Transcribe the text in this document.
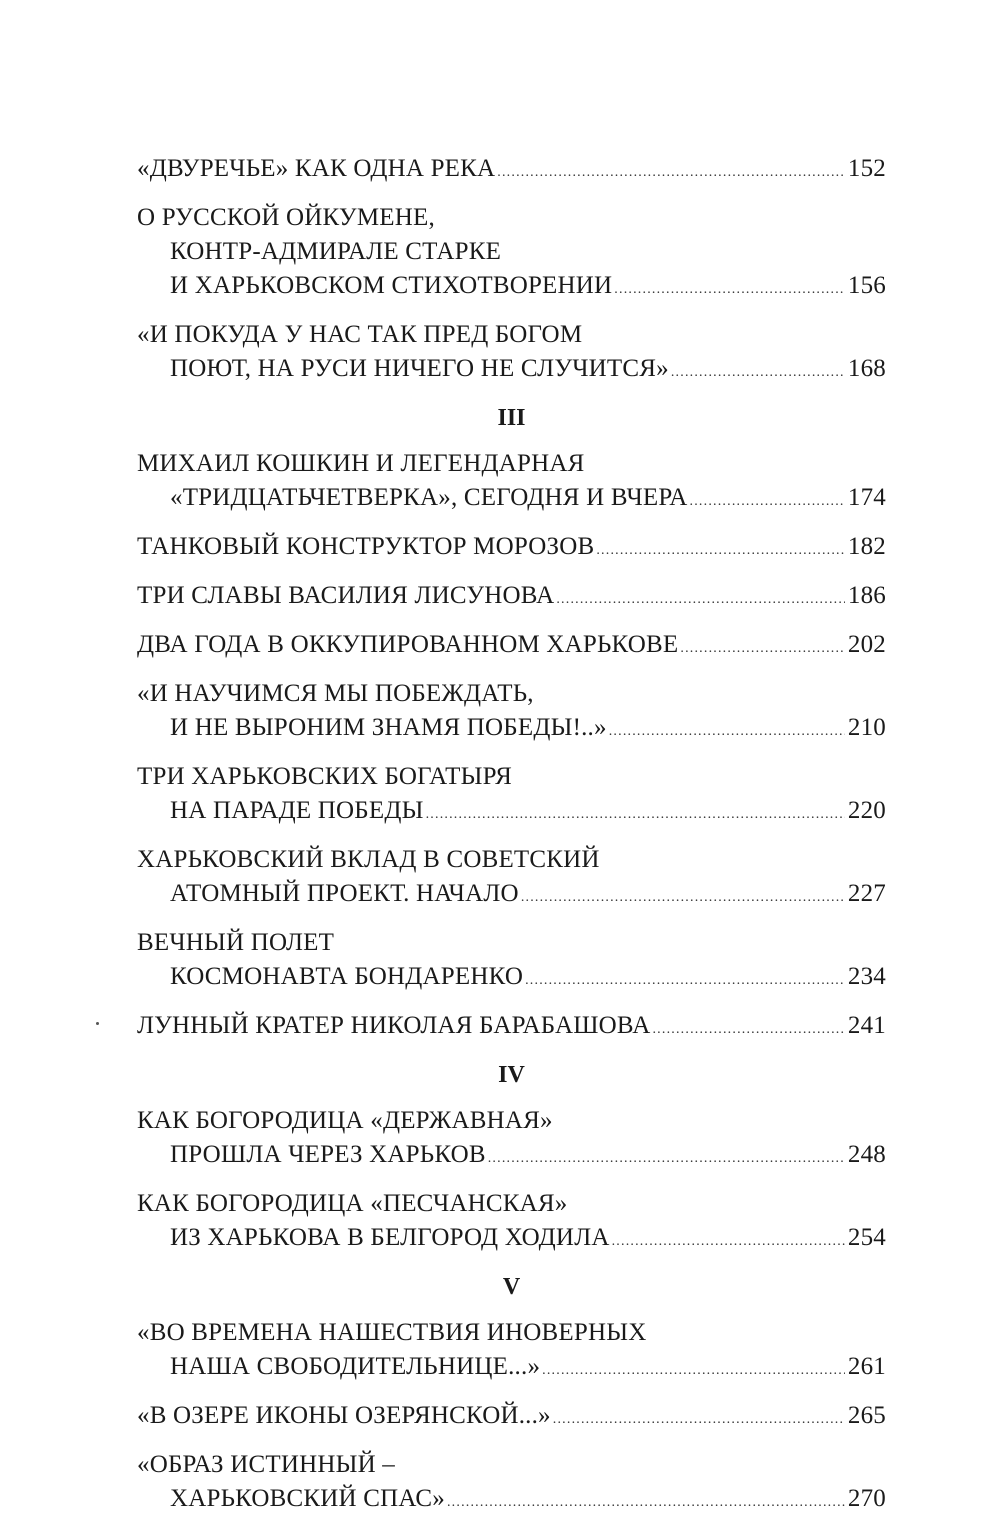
«ДВУРЕЧЬЕ» КАК ОДНА РЕКА .....	152
О РУССКОЙ ОЙКУМЕНЕ,
КОНТР-АДМИРАЛЕ СТАРКЕ
И ХАРЬКОВСКОМ СТИХОТВОРЕНИИ .....	156
«И ПОКУДА У НАС ТАК ПРЕД БОГОМ
ПОЮТ, НА РУСИ НИЧЕГО НЕ СЛУЧИТСЯ» .....	168
III
МИХАИЛ КОШКИН И ЛЕГЕНДАРНАЯ
«ТРИДЦАТЬЧЕТВЕРКА», СЕГОДНЯ И ВЧЕРА .....	174
ТАНКОВЫЙ КОНСТРУКТОР МОРОЗОВ .....	182
ТРИ СЛАВЫ ВАСИЛИЯ ЛИСУНОВА .....	186
ДВА ГОДА В ОККУПИРОВАННОМ ХАРЬКОВЕ .....	202
«И НАУЧИМСЯ МЫ ПОБЕЖДАТЬ,
И НЕ ВЫРОНИМ ЗНАМЯ ПОБЕДЫ!..» .....	210
ТРИ ХАРЬКОВСКИХ БОГАТЫРЯ
НА ПАРАДЕ ПОБЕДЫ .....	220
ХАРЬКОВСКИЙ ВКЛАД В СОВЕТСКИЙ
АТОМНЫЙ ПРОЕКТ. НАЧАЛО .....	227
ВЕЧНЫЙ ПОЛЕТ
КОСМОНАВТА БОНДАРЕНКО .....	234
ЛУННЫЙ КРАТЕР НИКОЛАЯ БАРАБАШОВА .....	241
IV
КАК БОГОРОДИЦА «ДЕРЖАВНАЯ»
ПРОШЛА ЧЕРЕЗ ХАРЬКОВ .....	248
КАК БОГОРОДИЦА «ПЕСЧАНСКАЯ»
ИЗ ХАРЬКОВА В БЕЛГОРОД ХОДИЛА .....	254
V
«ВО ВРЕМЕНА НАШЕСТВИЯ ИНОВЕРНЫХ
НАША СВОБОДИТЕЛЬНИЦЕ...» .....	261
«В ОЗЕРЕ ИКОНЫ ОЗЕРЯНСКОЙ...» .....	265
«ОБРАЗ ИСТИННЫЙ –
ХАРЬКОВСКИЙ СПАС» .....	270
